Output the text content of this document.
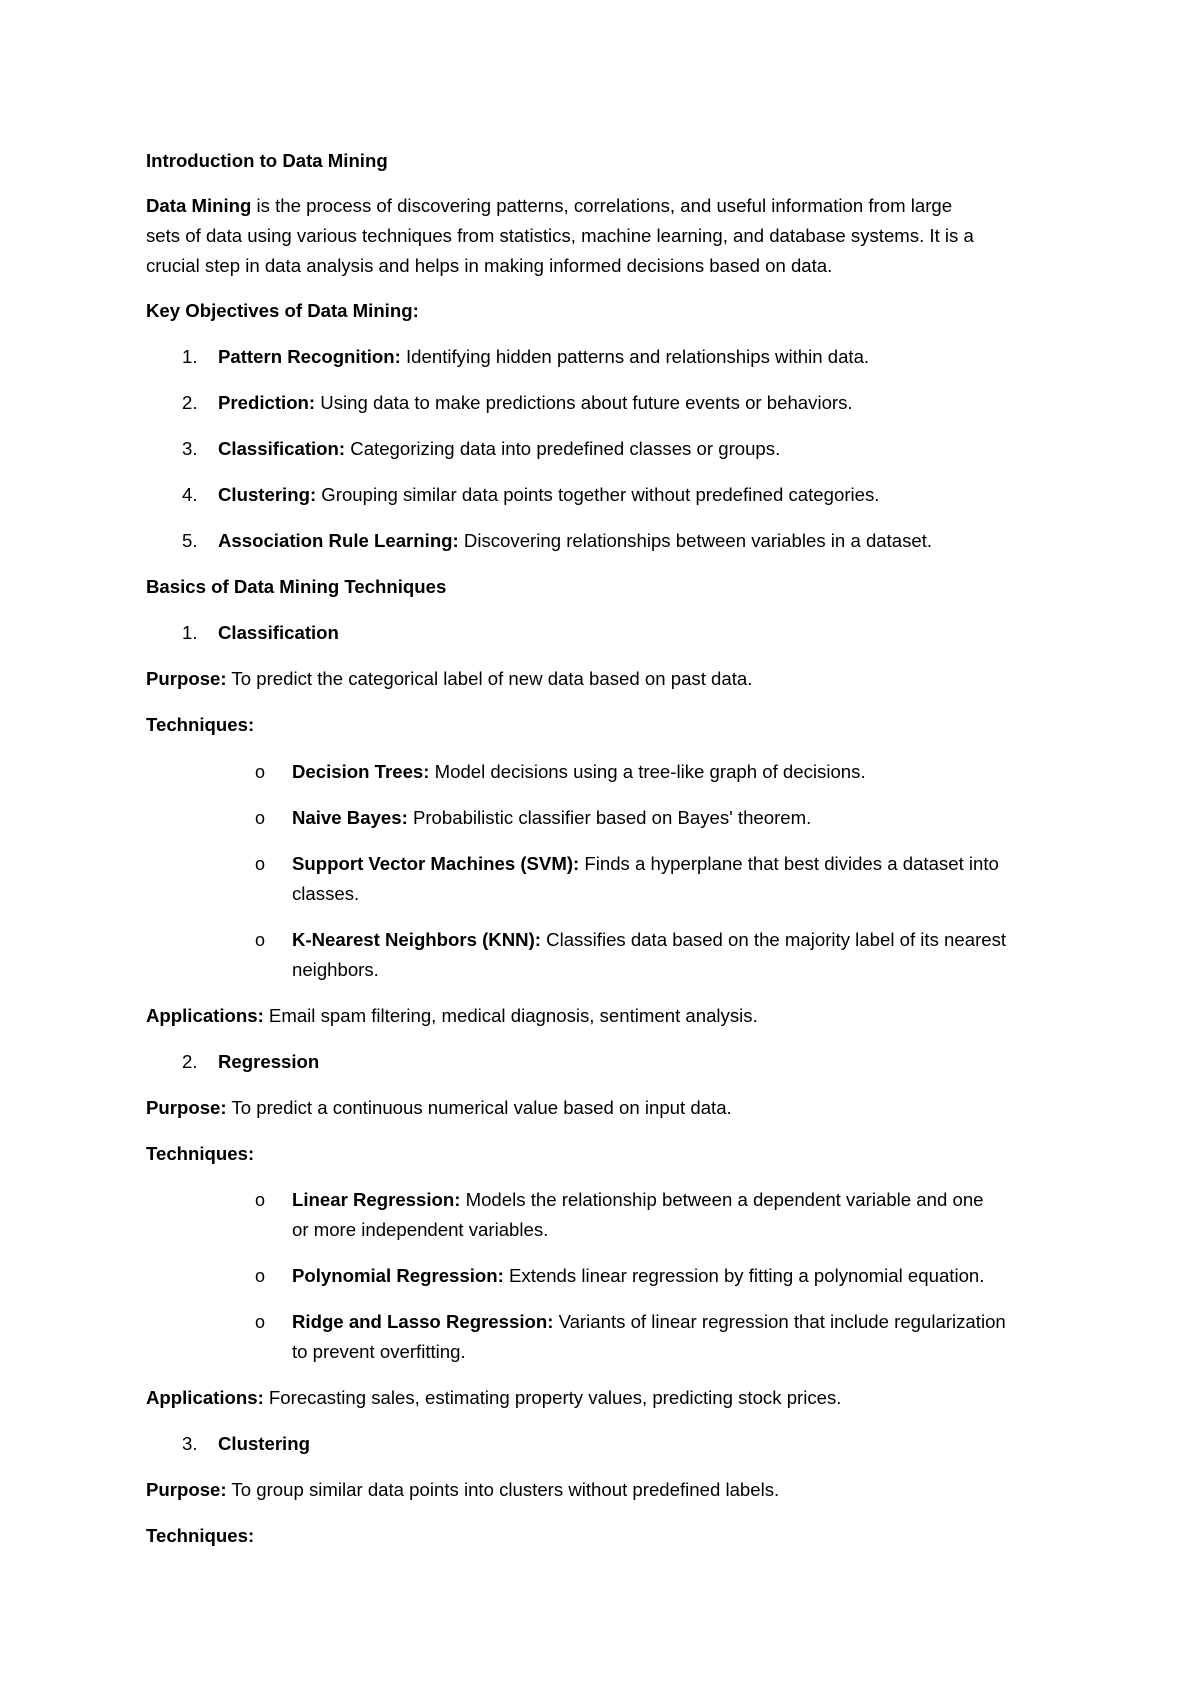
Introduction to Data Mining
Data Mining is the process of discovering patterns, correlations, and useful information from large
sets of data using various techniques from statistics, machine learning, and database systems. It is a
crucial step in data analysis and helps in making informed decisions based on data.
Key Objectives of Data Mining:
1. Pattern Recognition: Identifying hidden patterns and relationships within data.
2. Prediction: Using data to make predictions about future events or behaviors.
3. Classification: Categorizing data into predefined classes or groups.
4. Clustering: Grouping similar data points together without predefined categories.
5. Association Rule Learning: Discovering relationships between variables in a dataset.
Basics of Data Mining Techniques
1. Classification
Purpose: To predict the categorical label of new data based on past data.
Techniques:
o Decision Trees: Model decisions using a tree-like graph of decisions.
o Naive Bayes: Probabilistic classifier based on Bayes' theorem.
o Support Vector Machines (SVM): Finds a hyperplane that best divides a dataset into
classes.
o K-Nearest Neighbors (KNN): Classifies data based on the majority label of its nearest
neighbors.
Applications: Email spam filtering, medical diagnosis, sentiment analysis.
2. Regression
Purpose: To predict a continuous numerical value based on input data.
Techniques:
o Linear Regression: Models the relationship between a dependent variable and one
or more independent variables.
o Polynomial Regression: Extends linear regression by fitting a polynomial equation.
o Ridge and Lasso Regression: Variants of linear regression that include regularization
to prevent overfitting.
Applications: Forecasting sales, estimating property values, predicting stock prices.
3. Clustering
Purpose: To group similar data points into clusters without predefined labels.
Techniques:
